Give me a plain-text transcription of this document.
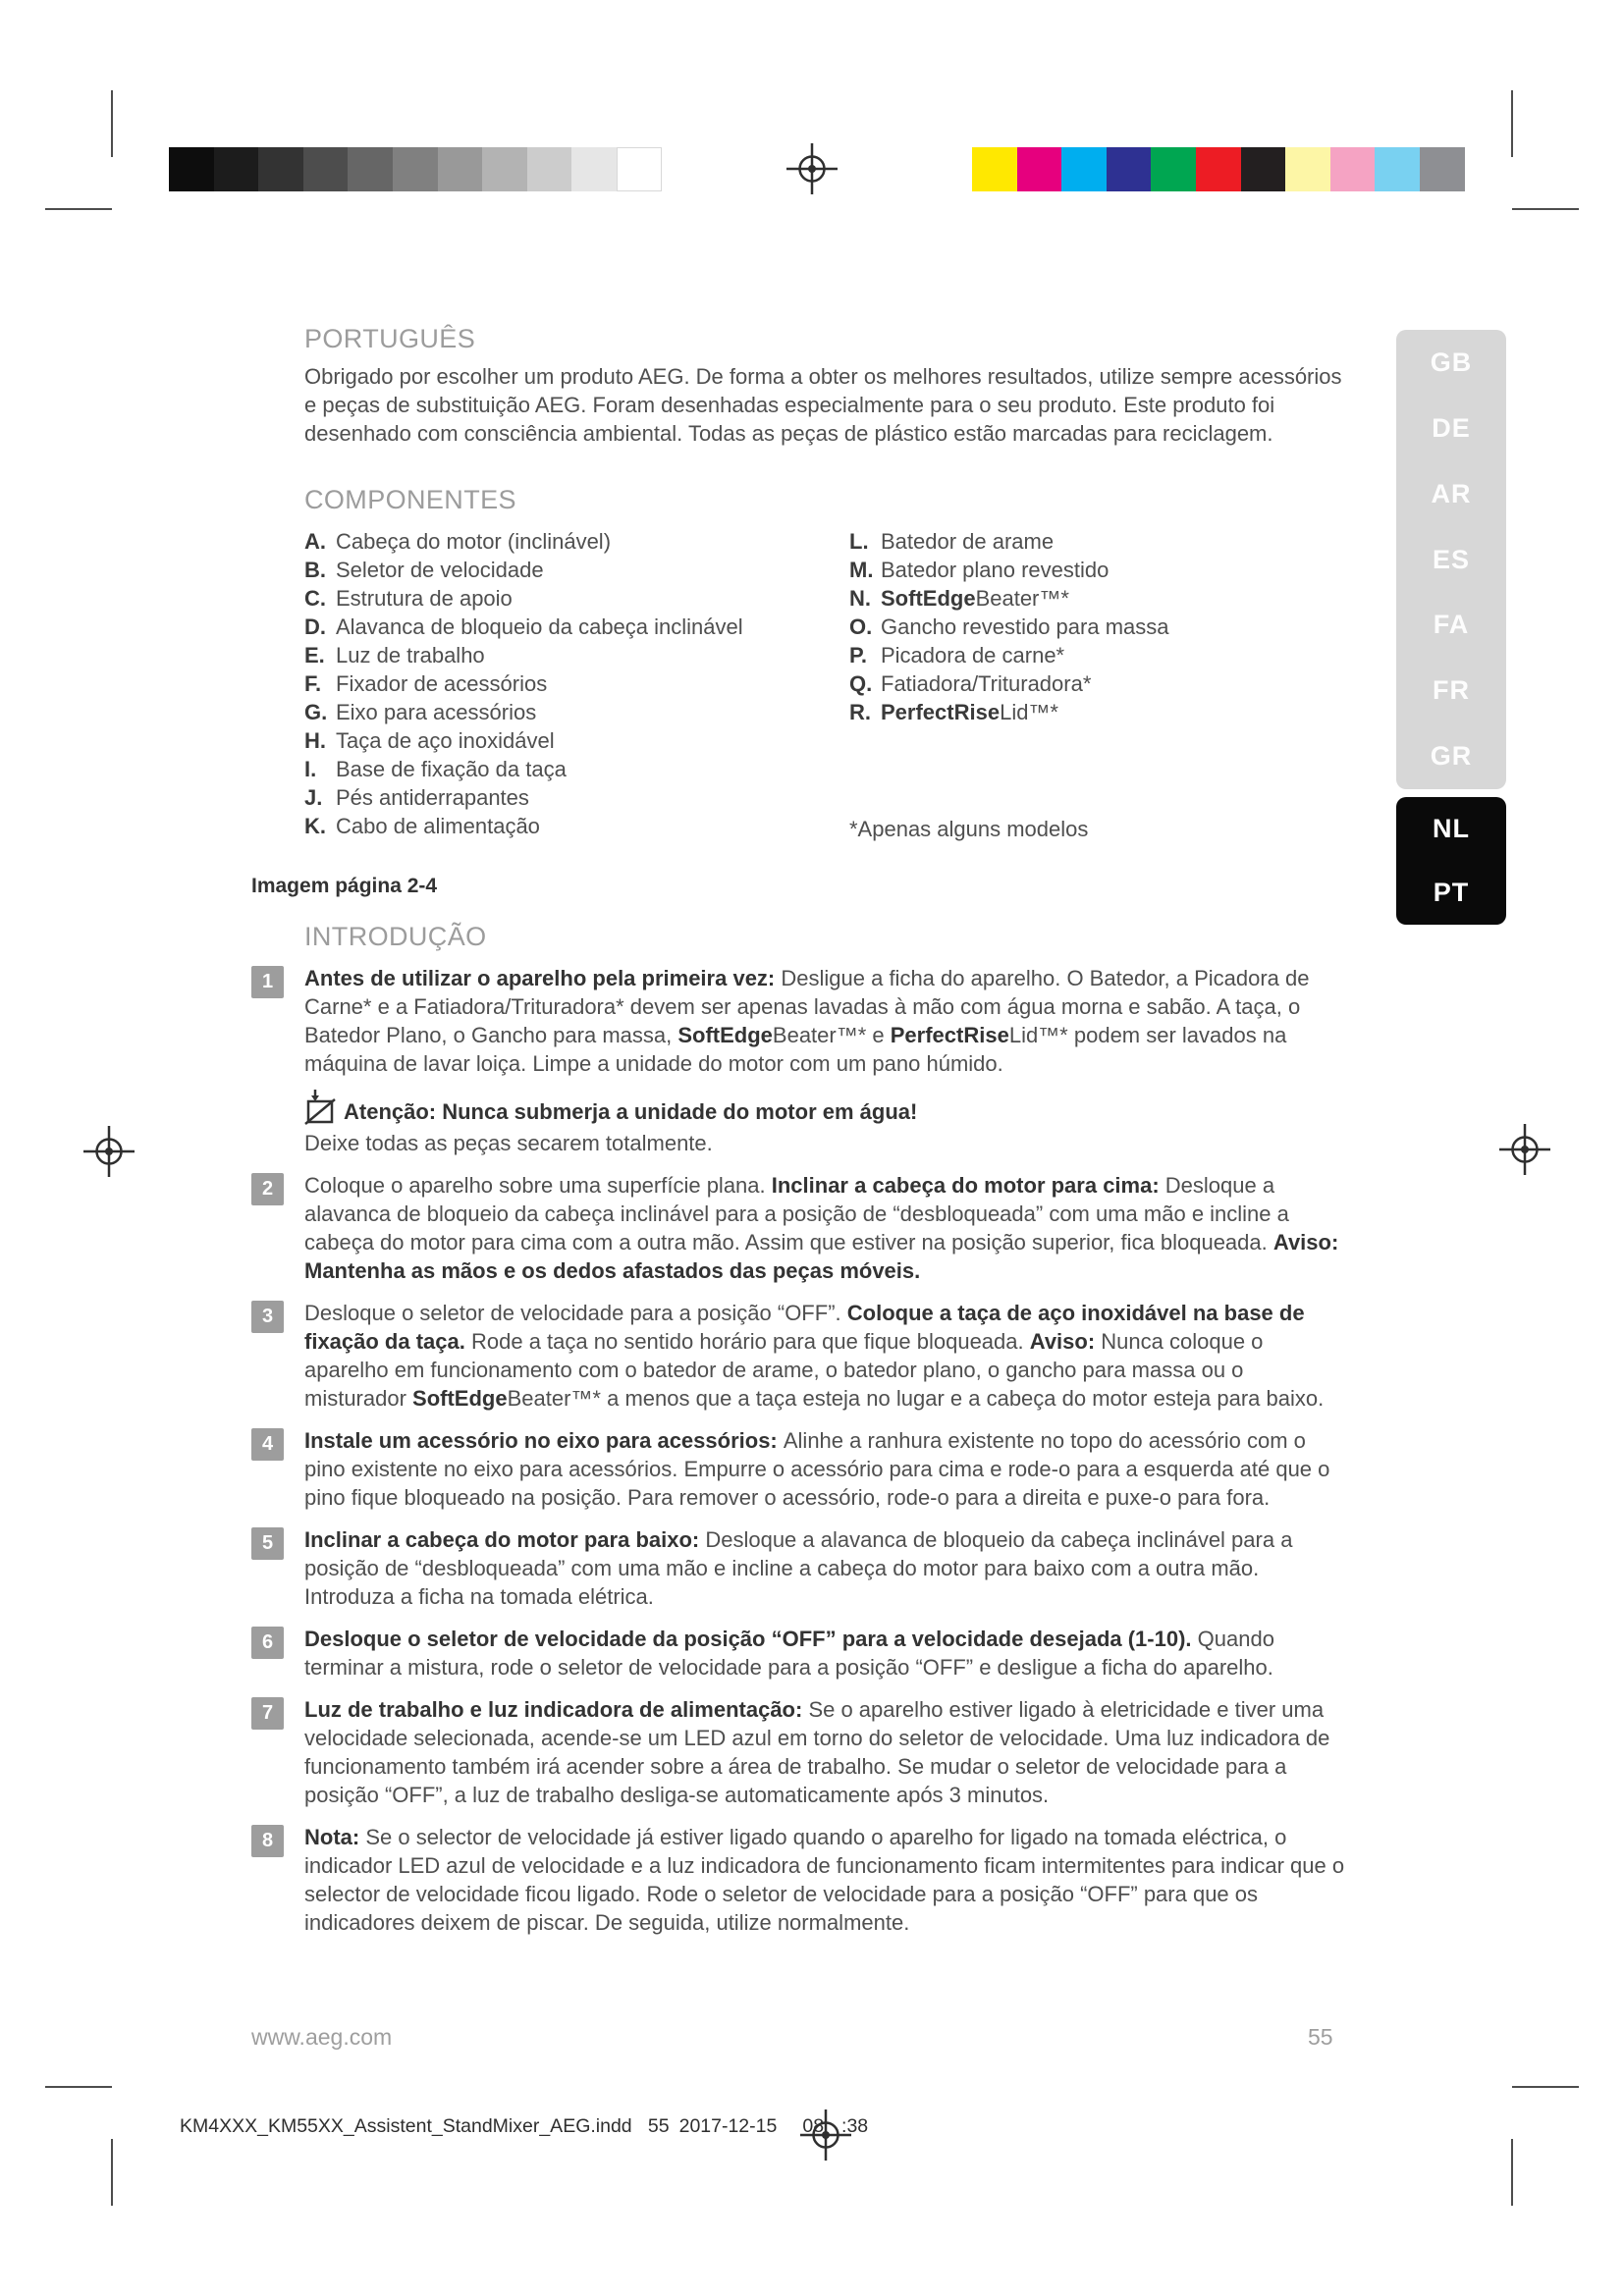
GB
DE
AR
ES
FA
FR
GR
NL
PT
PORTUGUÊS

Obrigado por escolher um produto AEG. De forma a obter os melhores resultados, utilize sempre acessórios e peças de substituição AEG. Foram desenhadas especialmente para o seu produto. Este produto foi desenhado com consciência ambiental. Todas as peças de plástico estão marcadas para reciclagem.

COMPONENTES
A. Cabeça do motor (inclinável)
B. Seletor de velocidade
C. Estrutura de apoio
D. Alavanca de bloqueio da cabeça inclinável
E. Luz de trabalho
F. Fixador de acessórios
G. Eixo para acessórios
H. Taça de aço inoxidável
I. Base de fixação da taça
J. Pés antiderrapantes
K. Cabo de alimentação
L. Batedor de arame
M. Batedor plano revestido
N. SoftEdgeBeater™*
O. Gancho revestido para massa
P. Picadora de carne*
Q. Fatiadora/Trituradora*
R. PerfectRiseLid™*
*Apenas alguns modelos
Imagem página 2-4
INTRODUÇÃO
1	Antes de utilizar o aparelho pela primeira vez: Desligue a ficha do aparelho. O Batedor, a Picadora de Carne* e a Fatiadora/Trituradora* devem ser apenas lavadas à mão com água morna e sabão. A taça, o Batedor Plano, o Gancho para massa, SoftEdgeBeater™* e PerfectRiseLid™* podem ser lavados na máquina de lavar loiça. Limpe a unidade do motor com um pano húmido.
Atenção: Nunca submerja a unidade do motor em água!
Deixe todas as peças secarem totalmente.
2	Coloque o aparelho sobre uma superfície plana. Inclinar a cabeça do motor para cima: Desloque a alavanca de bloqueio da cabeça inclinável para a posição de “desbloqueada” com uma mão e incline a cabeça do motor para cima com a outra mão. Assim que estiver na posição superior, fica bloqueada. Aviso: Mantenha as mãos e os dedos afastados das peças móveis.
3	Desloque o seletor de velocidade para a posição “OFF”. Coloque a taça de aço inoxidável na base de fixação da taça. Rode a taça no sentido horário para que fique bloqueada. Aviso: Nunca coloque o aparelho em funcionamento com o batedor de arame, o batedor plano, o gancho para massa ou o misturador SoftEdgeBeater™* a menos que a taça esteja no lugar e a cabeça do motor esteja para baixo.
4	Instale um acessório no eixo para acessórios: Alinhe a ranhura existente no topo do acessório com o pino existente no eixo para acessórios. Empurre o acessório para cima e rode-o para a esquerda até que o pino fique bloqueado na posição. Para remover o acessório, rode-o para a direita e puxe-o para fora.
5	Inclinar a cabeça do motor para baixo: Desloque a alavanca de bloqueio da cabeça inclinável para a posição de “desbloqueada” com uma mão e incline a cabeça do motor para baixo com a outra mão. Introduza a ficha na tomada elétrica.
6	Desloque o seletor de velocidade da posição “OFF” para a velocidade desejada (1-10). Quando terminar a mistura, rode o seletor de velocidade para a posição “OFF” e desligue a ficha do aparelho.
7	Luz de trabalho e luz indicadora de alimentação: Se o aparelho estiver ligado à eletricidade e tiver uma velocidade selecionada, acende-se um LED azul em torno do seletor de velocidade. Uma luz indicadora de funcionamento também irá acender sobre a área de trabalho. Se mudar o seletor de velocidade para a posição “OFF”, a luz de trabalho desliga-se automaticamente após 3 minutos.
8	Nota: Se o selector de velocidade já estiver ligado quando o aparelho for ligado na tomada eléctrica, o indicador LED azul de velocidade e a luz indicadora de funcionamento ficam intermitentes para indicar que o selector de velocidade ficou ligado. Rode o seletor de velocidade para a posição “OFF” para que os indicadores deixem de piscar. De seguida, utilize normalmente.
www.aeg.com	55
KM4XXX_KM55XX_Assistent_StandMixer_AEG.indd   55 2017-12-15 08 :38
